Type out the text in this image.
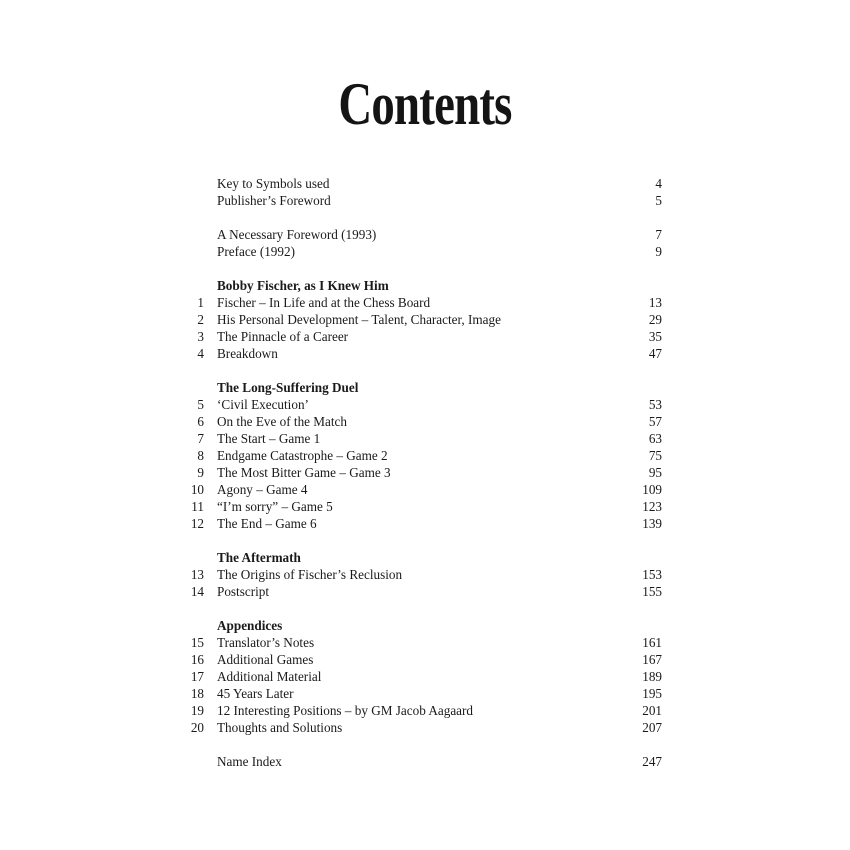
Contents
Key to Symbols used	4
Publisher’s Foreword	5
A Necessary Foreword (1993)	7
Preface (1992)	9
Bobby Fischer, as I Knew Him
1 Fischer – In Life and at the Chess Board	13
2 His Personal Development – Talent, Character, Image	29
3 The Pinnacle of a Career	35
4 Breakdown	47
The Long-Suffering Duel
5 ‘Civil Execution’	53
6 On the Eve of the Match	57
7 The Start – Game 1	63
8 Endgame Catastrophe – Game 2	75
9 The Most Bitter Game – Game 3	95
10 Agony – Game 4	109
11 “I’m sorry” – Game 5	123
12 The End – Game 6	139
The Aftermath
13 The Origins of Fischer’s Reclusion	153
14 Postscript	155
Appendices
15 Translator’s Notes	161
16 Additional Games	167
17 Additional Material	189
18 45 Years Later	195
19 12 Interesting Positions – by GM Jacob Aagaard	201
20 Thoughts and Solutions	207
Name Index	247
